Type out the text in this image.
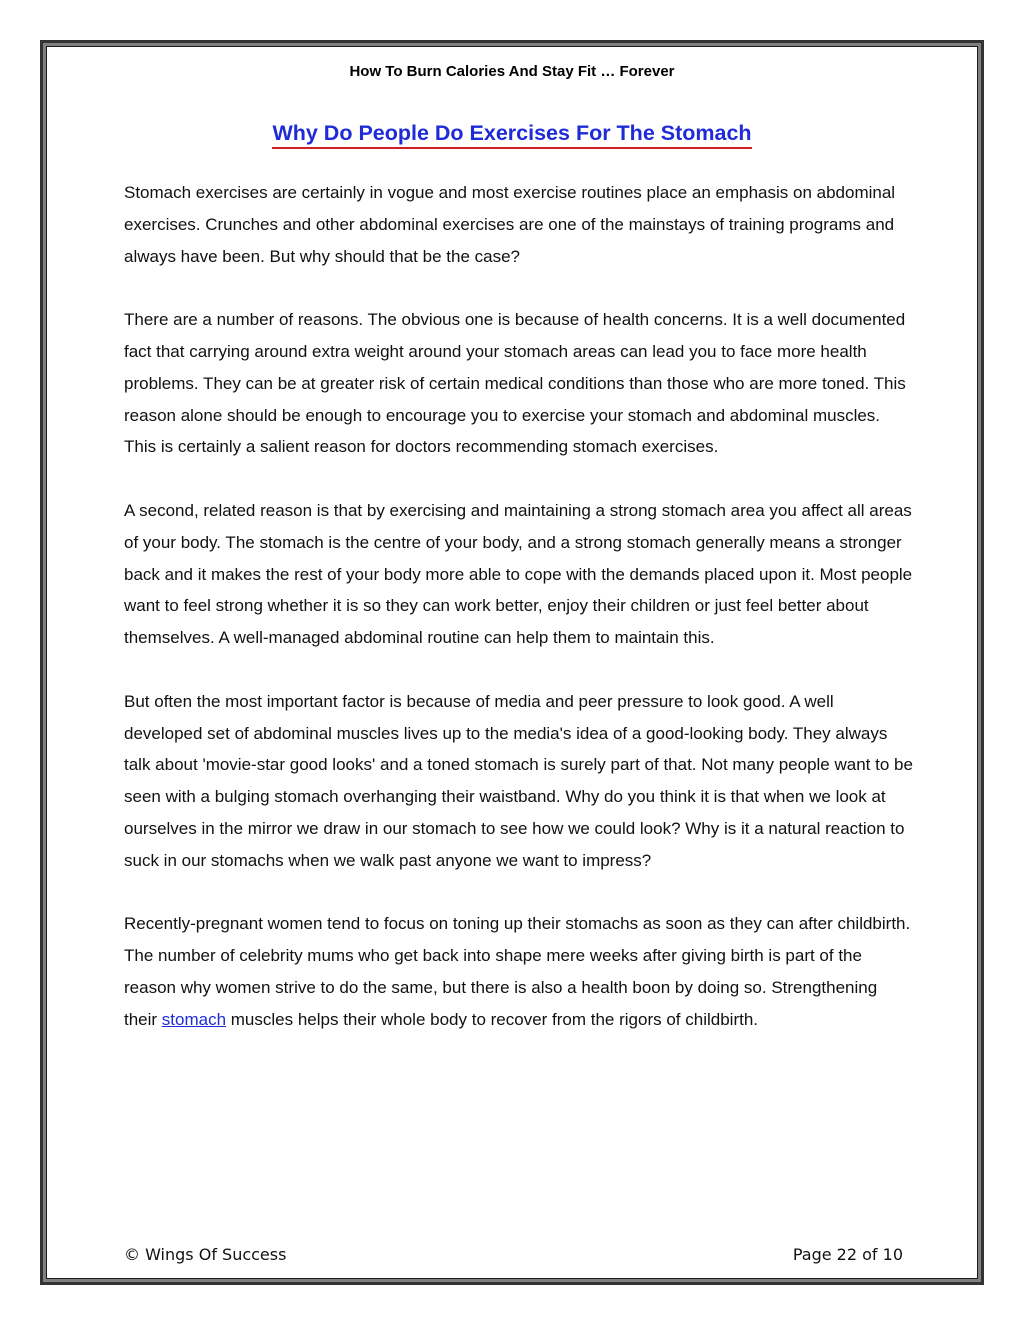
How To Burn Calories And Stay Fit … Forever
Why Do People Do Exercises For The Stomach

Stomach exercises are certainly in vogue and most exercise routines place an emphasis on abdominal exercises. Crunches and other abdominal exercises are one of the mainstays of training programs and always have been. But why should that be the case?

There are a number of reasons. The obvious one is because of health concerns. It is a well documented fact that carrying around extra weight around your stomach areas can lead you to face more health problems. They can be at greater risk of certain medical conditions than those who are more toned. This reason alone should be enough to encourage you to exercise your stomach and abdominal muscles. This is certainly a salient reason for doctors recommending stomach exercises.

A second, related reason is that by exercising and maintaining a strong stomach area you affect all areas of your body. The stomach is the centre of your body, and a strong stomach generally means a stronger back and it makes the rest of your body more able to cope with the demands placed upon it. Most people want to feel strong whether it is so they can work better, enjoy their children or just feel better about themselves. A well-managed abdominal routine can help them to maintain this.

But often the most important factor is because of media and peer pressure to look good. A well developed set of abdominal muscles lives up to the media's idea of a good-looking body. They always talk about 'movie-star good looks' and a toned stomach is surely part of that. Not many people want to be seen with a bulging stomach overhanging their waistband. Why do you think it is that when we look at ourselves in the mirror we draw in our stomach to see how we could look? Why is it a natural reaction to suck in our stomachs when we walk past anyone we want to impress?

Recently-pregnant women tend to focus on toning up their stomachs as soon as they can after childbirth. The number of celebrity mums who get back into shape mere weeks after giving birth is part of the reason why women strive to do the same, but there is also a health boon by doing so. Strengthening their stomach muscles helps their whole body to recover from the rigors of childbirth.

© Wings Of Success	Page 22 of 10
